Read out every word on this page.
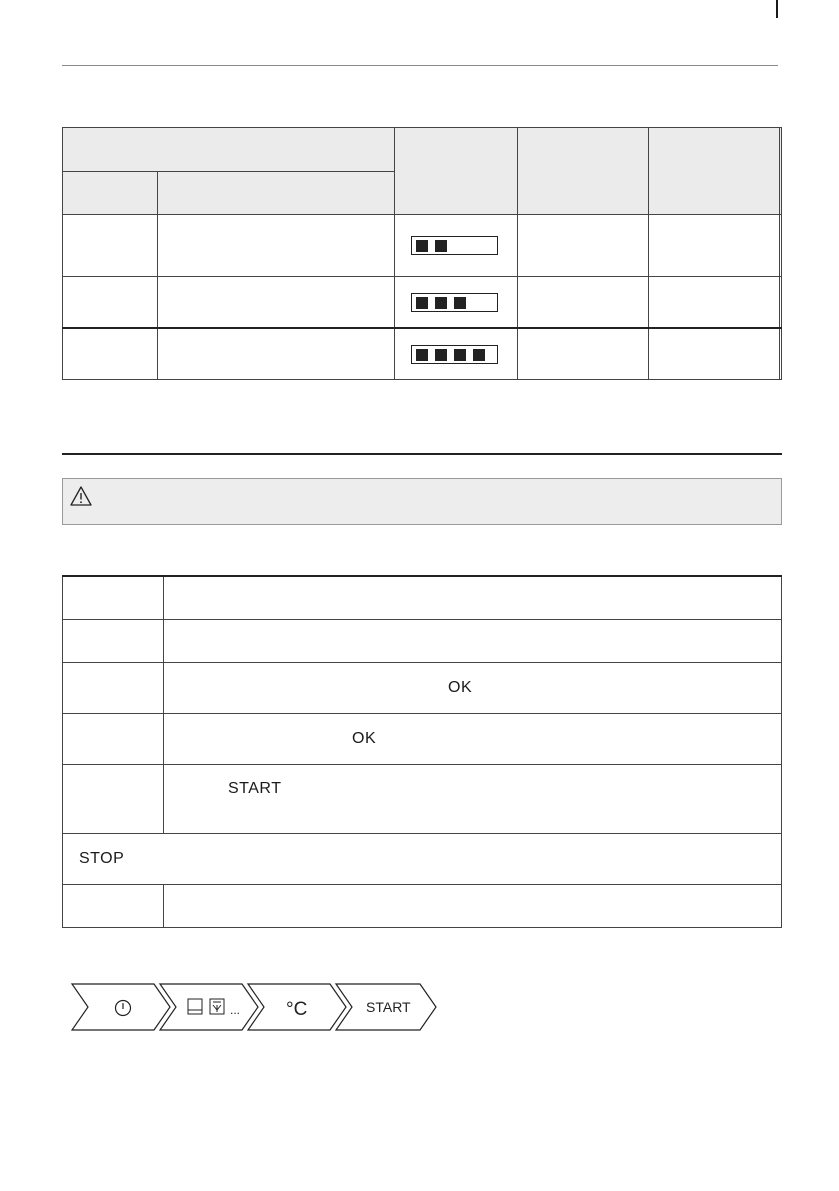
	OK
	OK
	START
STOP	

... °C	START
